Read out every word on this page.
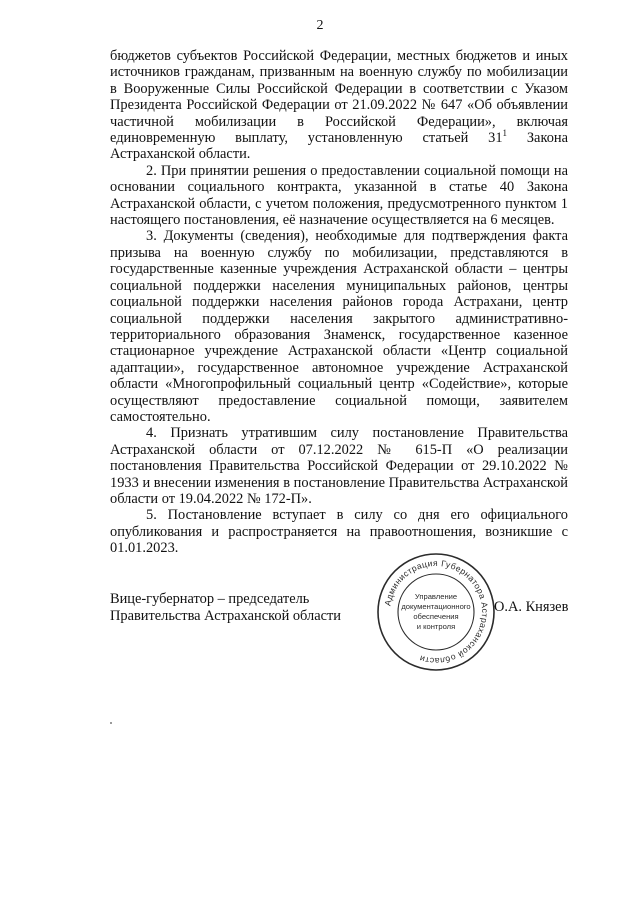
2

бюджетов субъектов Российской Федерации, местных бюджетов и иных источников гражданам, призванным на военную службу по мобилизации в Вооруженные Силы Российской Федерации в соответствии с Указом Президента Российской Федерации от 21.09.2022 № 647 «Об объявлении частичной мобилизации в Российской Федерации», включая единовременную выплату, установленную статьей $31^1$ Закона Астраханской области.

2. При принятии решения о предоставлении социальной помощи на основании социального контракта, указанной в статье 40 Закона Астраханской области, с учетом положения, предусмотренного пунктом 1 настоящего постановления, её назначение осуществляется на 6 месяцев.

3. Документы (сведения), необходимые для подтверждения факта призыва на военную службу по мобилизации, представляются в государственные казенные учреждения Астраханской области – центры социальной поддержки населения муниципальных районов, центры социальной поддержки населения районов города Астрахани, центр социальной поддержки населения закрытого административно-территориального образования Знаменск, государственное казенное стационарное учреждение Астраханской области «Центр социальной адаптации», государственное автономное учреждение Астраханской области «Многопрофильный социальный центр «Содействие», которые осуществляют предоставление социальной помощи, заявителем самостоятельно.

4. Признать утратившим силу постановление Правительства Астраханской области от 07.12.2022 № 615-П «О реализации постановления Правительства Российской Федерации от 29.10.2022 № 1933 и внесении изменения в постановление Правительства Астраханской области от 19.04.2022 № 172-П».

5. Постановление вступает в силу со дня его официального опубликования и распространяется на правоотношения, возникшие с 01.01.2023.

Вице-губернатор – председатель
Правительства Астраханской области
Администрация Губернатора Астраханской области
Управление
документационного
обеспечения
и контроля
О.А. Князев
